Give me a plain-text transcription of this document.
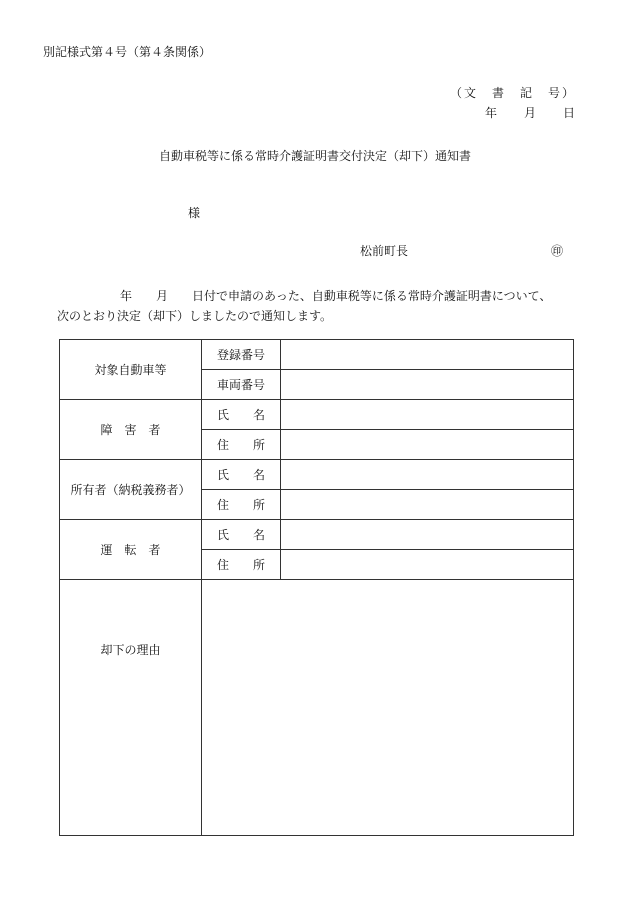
別記様式第４号（第４条関係）
（文　書　記　号）
年　　月　　日
自動車税等に係る常時介護証明書交付決定（却下）通知書
様
松前町長	㊞
年　　月　　日付で申請のあった、自動車税等に係る常時介護証明書について、
次のとおり決定（却下）しましたので通知します。
対象自動車等	登録番号	
	車両番号	
障　害　者	氏　　名	
	住　　所	
所有者（納税義務者）	氏　　名	
	住　　所	
運　転　者	氏　　名	
	住　　所	
却下の理由		
